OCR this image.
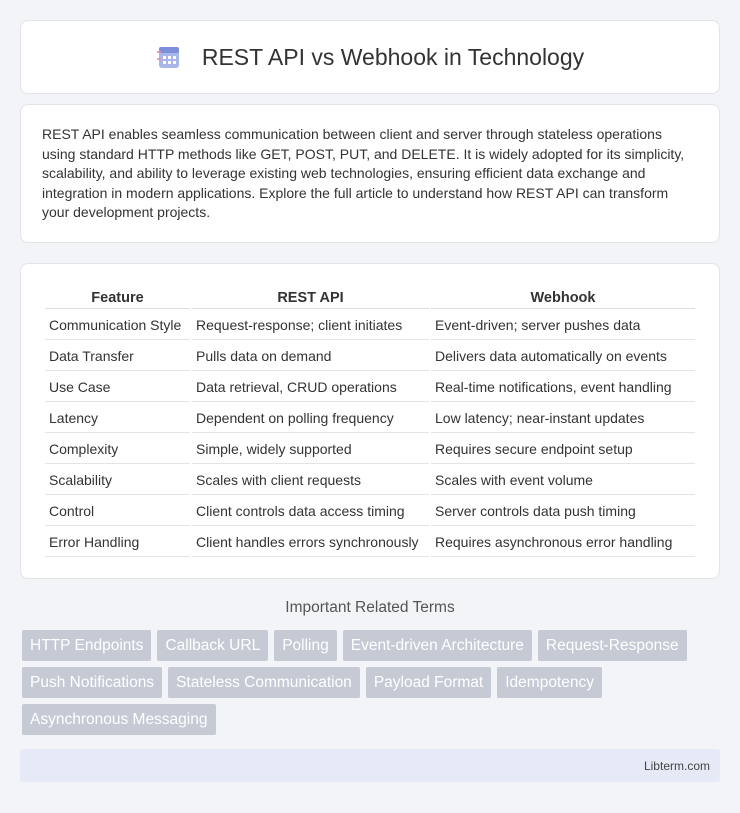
REST API vs Webhook in Technology

REST API enables seamless communication between client and server through stateless operations using standard HTTP methods like GET, POST, PUT, and DELETE. It is widely adopted for its simplicity, scalability, and ability to leverage existing web technologies, ensuring efficient data exchange and integration in modern applications. Explore the full article to understand how REST API can transform your development projects.

Feature	REST API	Webhook
Communication Style	Request-response; client initiates	Event-driven; server pushes data
Data Transfer	Pulls data on demand	Delivers data automatically on events
Use Case	Data retrieval, CRUD operations	Real-time notifications, event handling
Latency	Dependent on polling frequency	Low latency; near-instant updates
Complexity	Simple, widely supported	Requires secure endpoint setup
Scalability	Scales with client requests	Scales with event volume
Control	Client controls data access timing	Server controls data push timing
Error Handling	Client handles errors synchronously	Requires asynchronous error handling
Important Related Terms
HTTP Endpoints	Callback URL	Polling	Event-driven Architecture	Request-Response
Push Notifications	Stateless Communication	Payload Format	Idempotency
Asynchronous Messaging
Libterm.com
